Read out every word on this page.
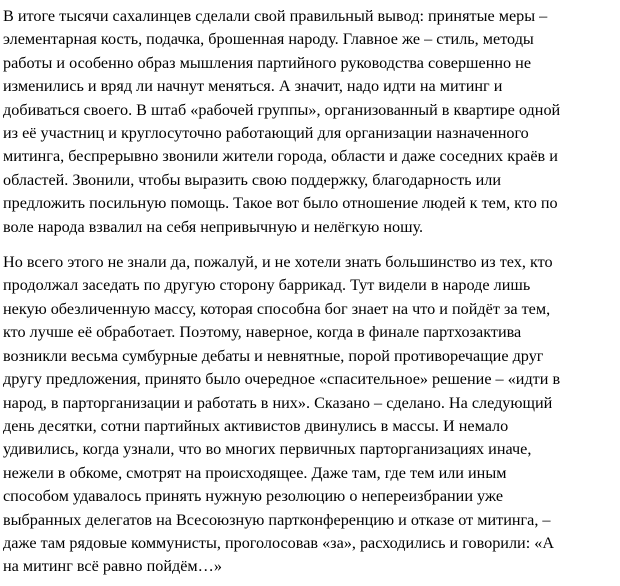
В итоге тысячи сахалинцев сделали свой правильный вывод: принятые меры –
элементарная кость, подачка, брошенная народу. Главное же – стиль, методы
работы и особенно образ мышления партийного руководства совершенно не
изменились и вряд ли начнут меняться. А значит, надо идти на митинг и
добиваться своего. В штаб «рабочей группы», организованный в квартире одной
из её участниц и круглосуточно работающий для организации назначенного
митинга, беспрерывно звонили жители города, области и даже соседних краёв и
областей. Звонили, чтобы выразить свою поддержку, благодарность или
предложить посильную помощь. Такое вот было отношение людей к тем, кто по
воле народа взвалил на себя непривычную и нелёгкую ношу.

Но всего этого не знали да, пожалуй, и не хотели знать большинство из тех, кто
продолжал заседать по другую сторону баррикад. Тут видели в народе лишь
некую обезличенную массу, которая способна бог знает на что и пойдёт за тем,
кто лучше её обработает. Поэтому, наверное, когда в финале партхозактива
возникли весьма сумбурные дебаты и невнятные, порой противоречащие друг
другу предложения, принято было очередное «спасительное» решение – «идти в
народ, в парторганизации и работать в них». Сказано – сделано. На следующий
день десятки, сотни партийных активистов двинулись в массы. И немало
удивились, когда узнали, что во многих первичных парторганизациях иначе,
нежели в обкоме, смотрят на происходящее. Даже там, где тем или иным
способом удавалось принять нужную резолюцию о непереизбрании уже
выбранных делегатов на Всесоюзную партконференцию и отказе от митинга, –
даже там рядовые коммунисты, проголосовав «за», расходились и говорили: «А
на митинг всё равно пойдём…»
